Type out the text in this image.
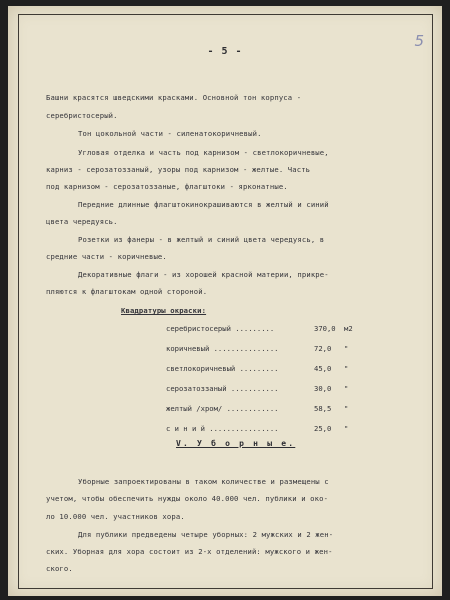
5
- 5 -
Башни красятся шведскими красками. Основной тон корпуса -
серебристосерый.
Тон цокольной части - силенатокоричневый.
Угловая отделка и часть под карнизом - светлокоричневые,
карниз - серозатоззаный, узоры под карнизом - желтые. Часть
под карнизом - серозатоззаные, флагштоки - ярконатные.
Передние длинные флагштокинокрашиваются в желтый и синий
цвета чередуясь.
Розетки из фанеры - в желтый и синий цвета чередуясь, в
средние части - коричневые.
Декоративные флаги - из хорошей красной материи, прикре-
пляются к флагштокам одной стороной.
Квадратуры окраски:
серебристосерый .........	370,0 м2
коричневый ...............	72,0 "
светлокоричневый .........	45,0 "
серозатоззаный ...........	30,0 "
желтый /хром/ ............	58,5 "
с и н и й ................	25,0 "
V. У б о р н ы е.
Уборные запроектированы в таком количестве и размещены с
учетом, чтобы обеспечить нужды около 40.000 чел. публики и око-
ло 10.000 чел. участников хора.
Для публики предведены четыре уборных: 2 мужских и 2 жен-
ских. Уборная для хора состоит из 2-х отделений: мужского и жен-
ского.
